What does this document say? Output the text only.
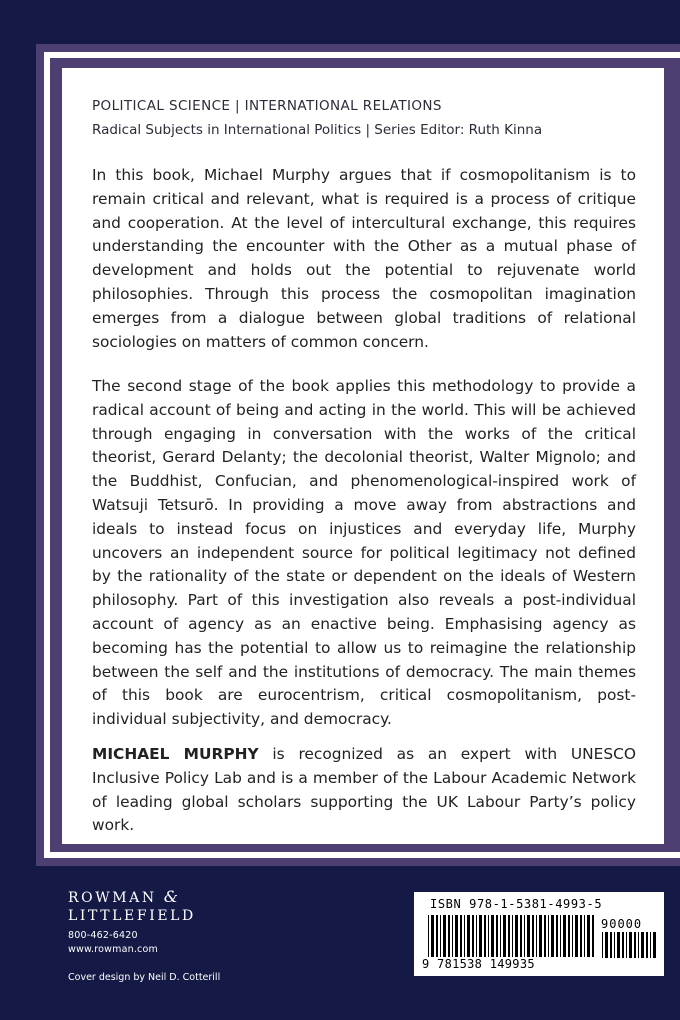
POLITICAL SCIENCE | INTERNATIONAL RELATIONS
Radical Subjects in International Politics | Series Editor: Ruth Kinna

In this book, Michael Murphy argues that if cosmopolitanism is to remain critical and relevant, what is required is a process of critique and cooperation. At the level of intercultural exchange, this requires understanding the encounter with the Other as a mutual phase of development and holds out the potential to rejuvenate world philosophies. Through this process the cosmopolitan imagination emerges from a dialogue between global traditions of relational sociologies on matters of common concern.

The second stage of the book applies this methodology to provide a radical account of being and acting in the world. This will be achieved through engaging in conversation with the works of the critical theorist, Gerard Delanty; the decolonial theorist, Walter Mignolo; and the Buddhist, Confucian, and phenomenological-inspired work of Watsuji Tetsurō. In providing a move away from abstractions and ideals to instead focus on injustices and everyday life, Murphy uncovers an independent source for political legitimacy not defined by the rationality of the state or dependent on the ideals of Western philosophy. Part of this investigation also reveals a post-individual account of agency as an enactive being. Emphasising agency as becoming has the potential to allow us to reimagine the relationship between the self and the institutions of democracy. The main themes of this book are eurocentrism, critical cosmopolitanism, post-individual subjectivity, and democracy.

MICHAEL MURPHY is recognized as an expert with UNESCO Inclusive Policy Lab and is a member of the Labour Academic Network of leading global scholars supporting the UK Labour Party’s policy work.

ROWMAN &
LITTLEFIELD
800-462-6420
www.rowman.com
Cover design by Neil D. Cotterill
ISBN 978-1-5381-4993-5
90000
9 781538 149935
